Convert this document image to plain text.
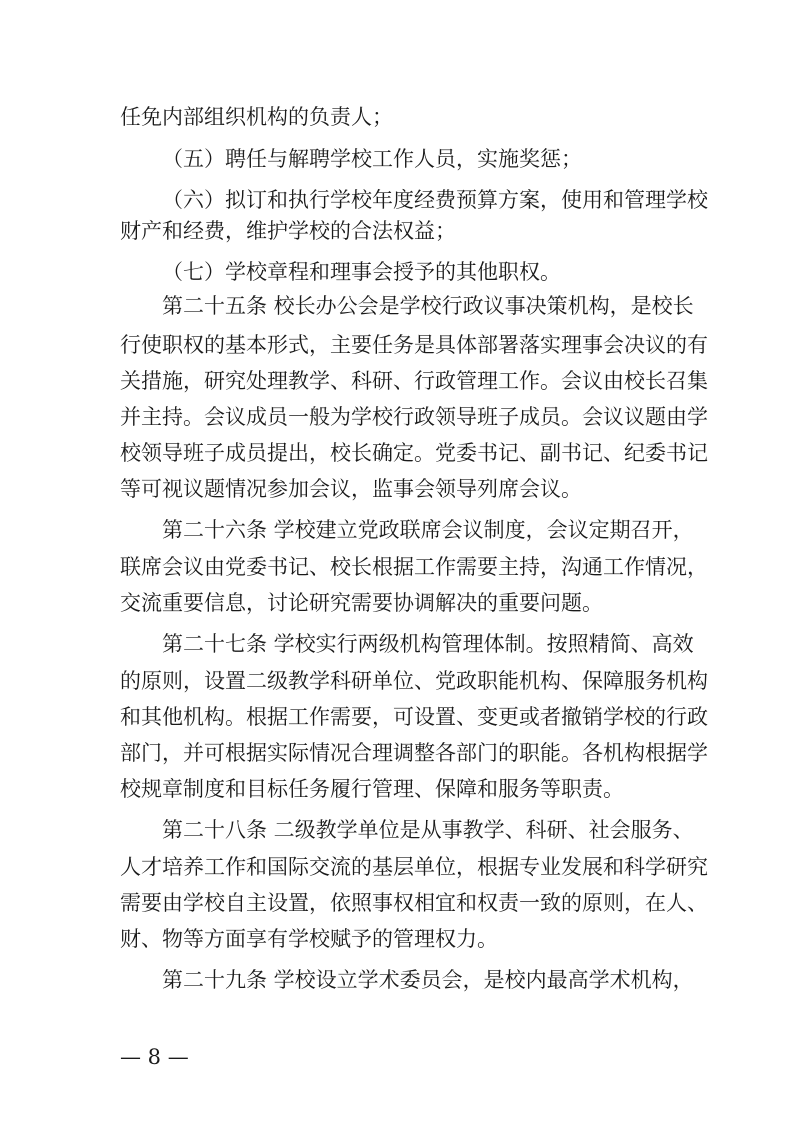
任免内部组织机构的负责人；
（五）聘任与解聘学校工作人员，实施奖惩；
（六）拟订和执行学校年度经费预算方案，使用和管理学校
财产和经费，维护学校的合法权益；
（七）学校章程和理事会授予的其他职权。
第二十五条 校长办公会是学校行政议事决策机构，是校长
行使职权的基本形式，主要任务是具体部署落实理事会决议的有
关措施，研究处理教学、科研、行政管理工作。会议由校长召集
并主持。会议成员一般为学校行政领导班子成员。会议议题由学
校领导班子成员提出，校长确定。党委书记、副书记、纪委书记
等可视议题情况参加会议，监事会领导列席会议。
第二十六条 学校建立党政联席会议制度，会议定期召开，
联席会议由党委书记、校长根据工作需要主持，沟通工作情况，
交流重要信息，讨论研究需要协调解决的重要问题。
第二十七条 学校实行两级机构管理体制。按照精简、高效
的原则，设置二级教学科研单位、党政职能机构、保障服务机构
和其他机构。根据工作需要，可设置、变更或者撤销学校的行政
部门，并可根据实际情况合理调整各部门的职能。各机构根据学
校规章制度和目标任务履行管理、保障和服务等职责。
第二十八条 二级教学单位是从事教学、科研、社会服务、
人才培养工作和国际交流的基层单位，根据专业发展和科学研究
需要由学校自主设置，依照事权相宜和权责一致的原则，在人、
财、物等方面享有学校赋予的管理权力。
第二十九条 学校设立学术委员会，是校内最高学术机构，
— 8 —
